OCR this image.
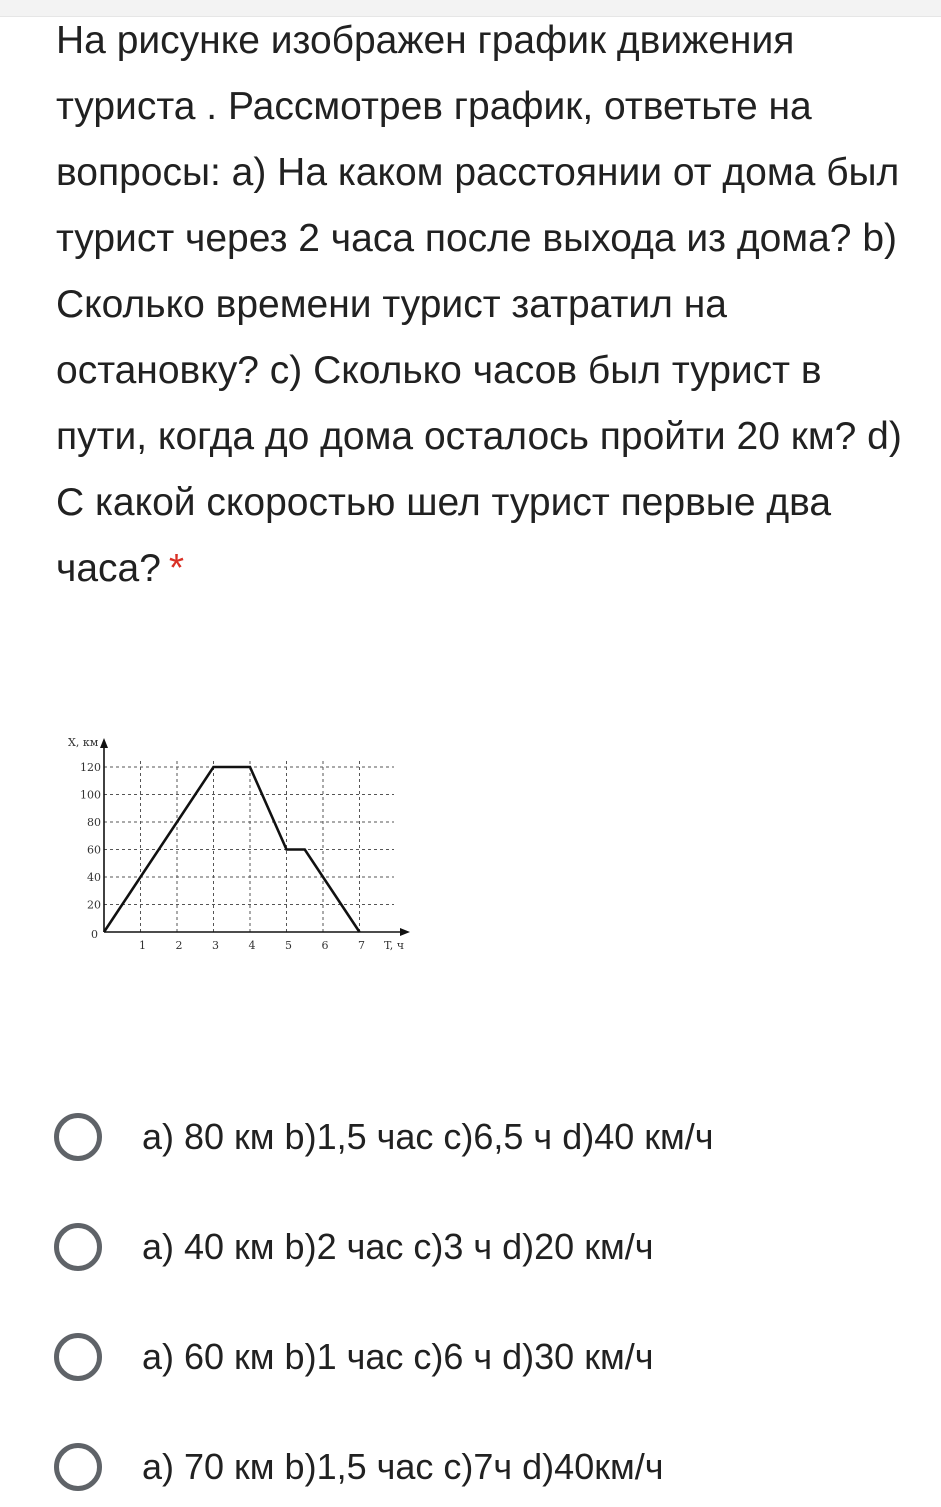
На рисунке изображен график движения туриста . Рассмотрев график, ответьте на вопросы: а) На каком расстоянии от дома был турист через 2 часа после выхода из дома? b) Сколько времени турист затратил на остановку? с) Сколько часов был турист в пути, когда до дома осталось пройти 20 км? d) С какой скоростью шел турист первые два часа? *
1	2	3	4	5	6	7
20
40
60
80
100
120
0
X, км
T, ч
а) 80 км b)1,5 час с)6,5 ч d)40 км/ч
а) 40 км b)2 час с)3 ч d)20 км/ч
а) 60 км b)1 час с)6 ч d)30 км/ч
а) 70 км b)1,5 час с)7ч d)40км/ч
